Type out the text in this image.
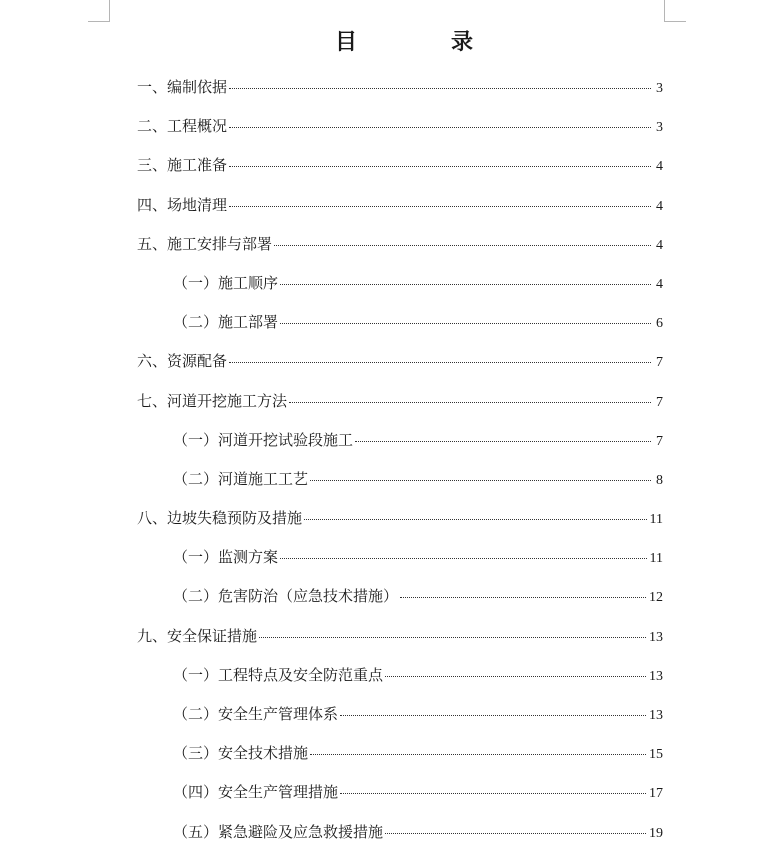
目　录
一、编制依据	3
二、工程概况	3
三、施工准备	4
四、场地清理	4
五、施工安排与部署	4
（一）施工顺序	4
（二）施工部署	6
六、资源配备	7
七、河道开挖施工方法	7
（一）河道开挖试验段施工	7
（二）河道施工工艺	8
八、边坡失稳预防及措施	11
（一）监测方案	11
（二）危害防治（应急技术措施）	12
九、安全保证措施	13
（一）工程特点及安全防范重点	13
（二）安全生产管理体系	13
（三）安全技术措施	15
（四）安全生产管理措施	17
（五）紧急避险及应急救援措施	19
